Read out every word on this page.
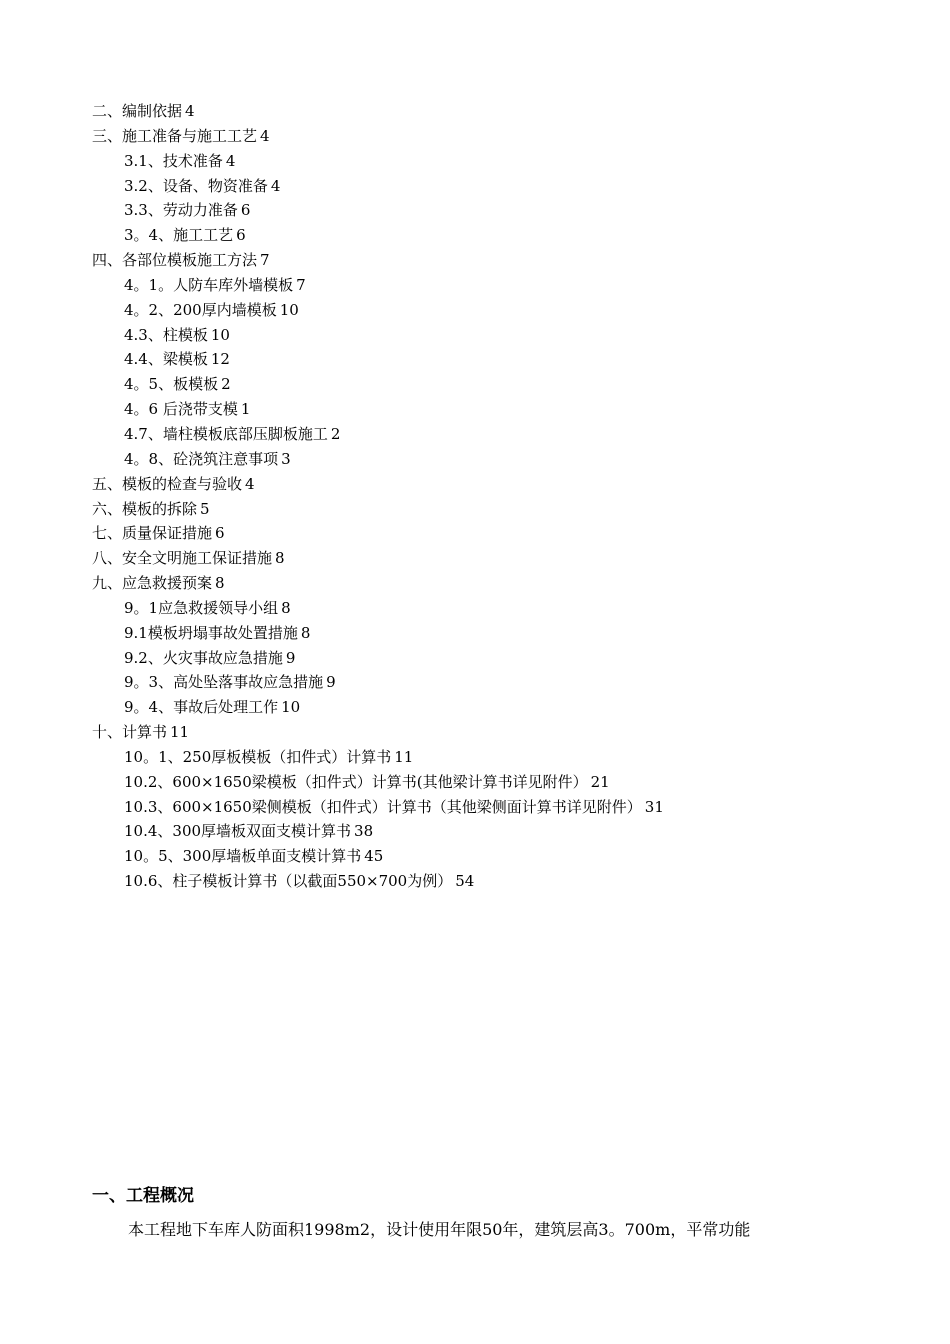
二、编制依据 4
三、施工准备与施工工艺 4
3.1、技术准备 4
3.2、设备、物资准备 4
3.3、劳动力准备 6
3。4、施工工艺 6
四、各部位模板施工方法 7
4。1。人防车库外墙模板 7
4。2、200厚内墙模板 10
4.3、柱模板 10
4.4、梁模板 12
4。5、板模板 2
4。6 后浇带支模 1
4.7、墙柱模板底部压脚板施工 2
4。8、砼浇筑注意事项 3
五、模板的检查与验收 4
六、模板的拆除 5
七、质量保证措施 6
八、安全文明施工保证措施 8
九、应急救援预案 8
9。1应急救援领导小组 8
9.1模板坍塌事故处置措施 8
9.2、火灾事故应急措施 9
9。3、高处坠落事故应急措施 9
9。4、事故后处理工作 10
十、计算书 11
10。1、250厚板模板（扣件式）计算书 11
10.2、600×1650梁模板（扣件式）计算书(其他梁计算书详见附件） 21
10.3、600×1650梁侧模板（扣件式）计算书（其他梁侧面计算书详见附件） 31
10.4、300厚墙板双面支模计算书 38
10。5、300厚墙板单面支模计算书 45
10.6、柱子模板计算书（以截面550×700为例） 54
一、工程概况

本工程地下车库人防面积1998m2，设计使用年限50年，建筑层高3。700m，平常功能
